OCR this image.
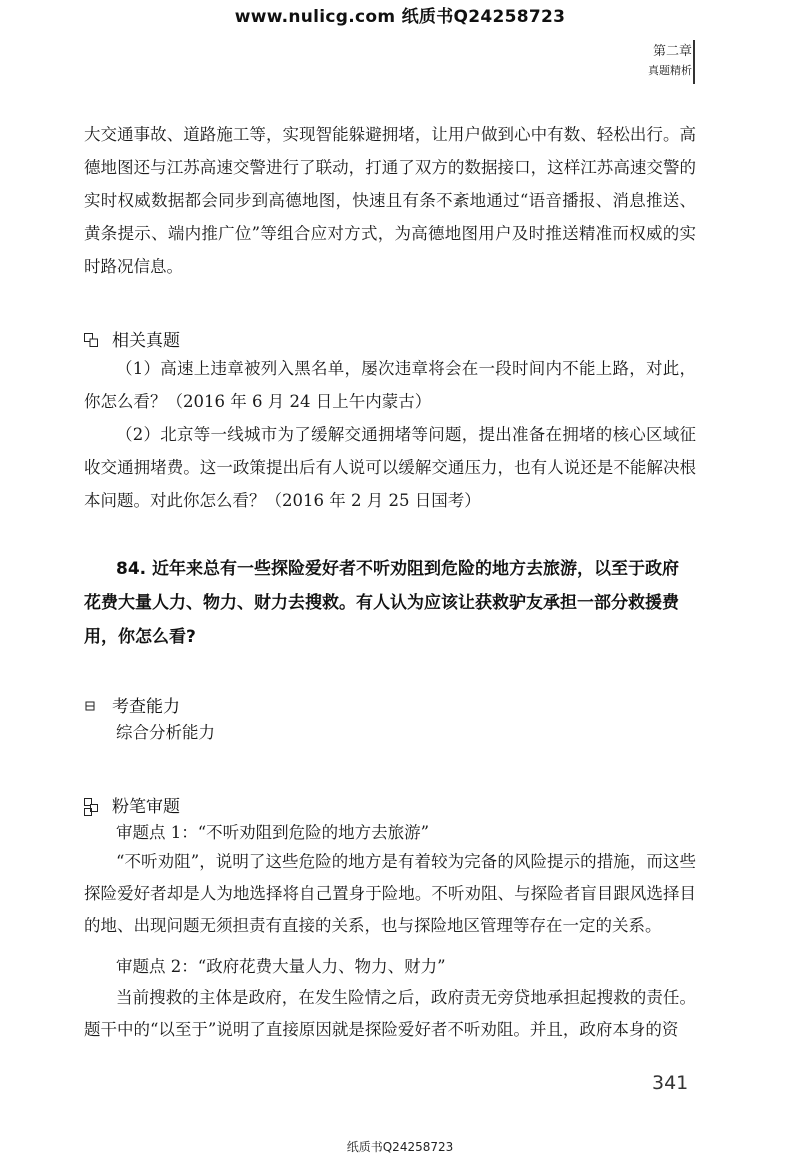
www.nulicg.com 纸质书Q24258723
第二章
真题精析

大交通事故、道路施工等，实现智能躲避拥堵，让用户做到心中有数、轻松出行。高德地图还与江苏高速交警进行了联动，打通了双方的数据接口，这样江苏高速交警的实时权威数据都会同步到高德地图，快速且有条不紊地通过“语音播报、消息推送、黄条提示、端内推广位”等组合应对方式，为高德地图用户及时推送精准而权威的实时路况信息。

相关真题

（1）高速上违章被列入黑名单，屡次违章将会在一段时间内不能上路，对此，你怎么看？（2016 年 6 月 24 日上午内蒙古）

（2）北京等一线城市为了缓解交通拥堵等问题，提出准备在拥堵的核心区域征收交通拥堵费。这一政策提出后有人说可以缓解交通压力，也有人说还是不能解决根本问题。对此你怎么看？（2016 年 2 月 25 日国考）

84. 近年来总有一些探险爱好者不听劝阻到危险的地方去旅游，以至于政府花费大量人力、物力、财力去搜救。有人认为应该让获救驴友承担一部分救援费用，你怎么看?

考查能力
综合分析能力
粉笔审题
审题点 1：“不听劝阻到危险的地方去旅游”

“不听劝阻”，说明了这些危险的地方是有着较为完备的风险提示的措施，而这些探险爱好者却是人为地选择将自己置身于险地。不听劝阻、与探险者盲目跟风选择目的地、出现问题无须担责有直接的关系，也与探险地区管理等存在一定的关系。

审题点 2：“政府花费大量人力、物力、财力”

当前搜救的主体是政府，在发生险情之后，政府责无旁贷地承担起搜救的责任。题干中的“以至于”说明了直接原因就是探险爱好者不听劝阻。并且，政府本身的资

341
纸质书Q24258723
